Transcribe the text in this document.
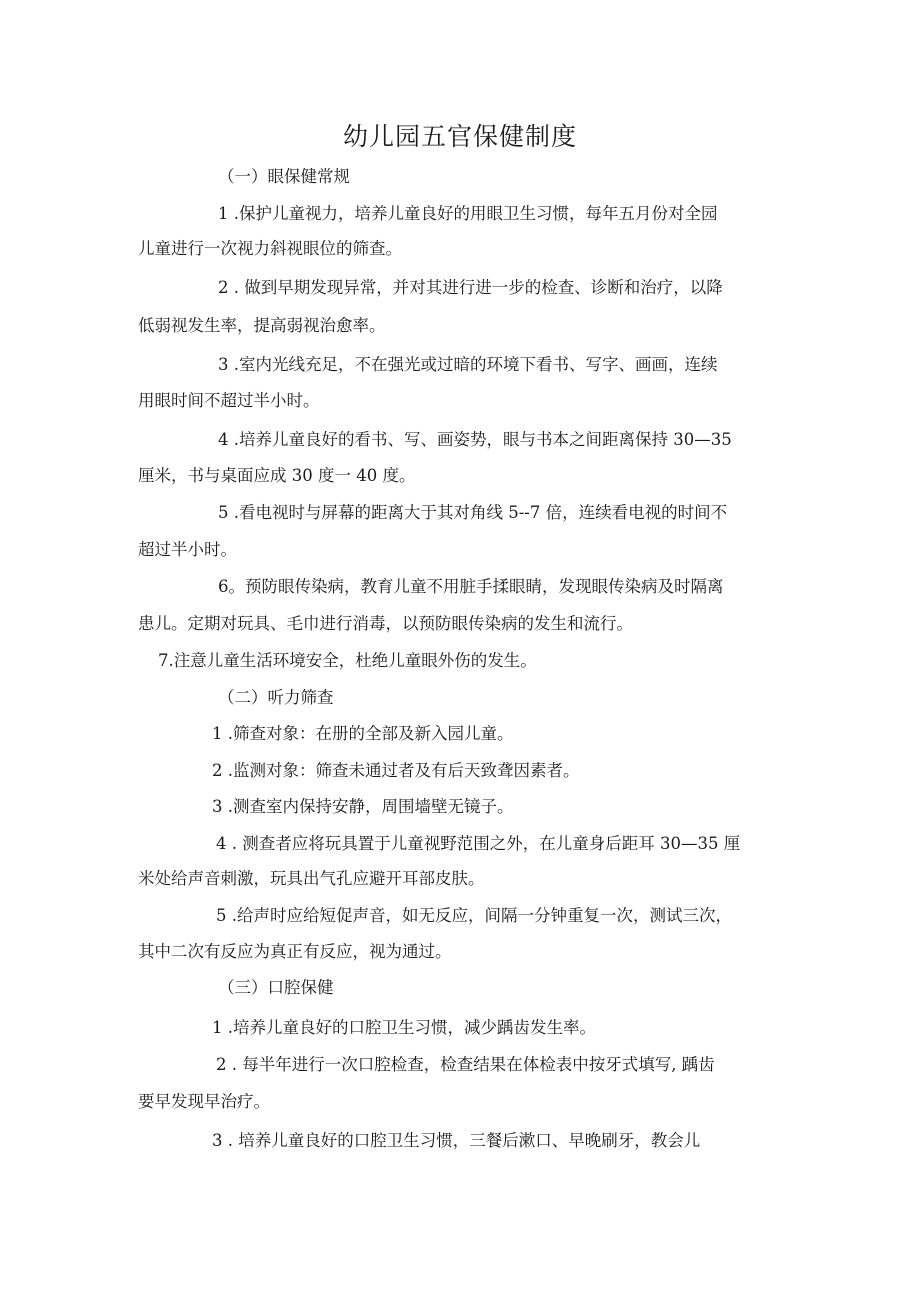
幼儿园五官保健制度
（一）眼保健常规
1 .保护儿童视力，培养儿童良好的用眼卫生习惯，每年五月份对全园
儿童进行一次视力斜视眼位的筛查。
2 . 做到早期发现异常，并对其进行进一步的检查、诊断和治疗，以降
低弱视发生率，提高弱视治愈率。
3 .室内光线充足，不在强光或过暗的环境下看书、写字、画画，连续
用眼时间不超过半小时。
4 .培养儿童良好的看书、写、画姿势，眼与书本之间距离保持 30—35
厘米，书与桌面应成 30 度一 40 度。
5 .看电视时与屏幕的距离大于其对角线 5--7 倍，连续看电视的时间不
超过半小时。
6。预防眼传染病，教育儿童不用脏手揉眼睛，发现眼传染病及时隔离
患儿。定期对玩具、毛巾进行消毒，以预防眼传染病的发生和流行。
7.注意儿童生活环境安全，杜绝儿童眼外伤的发生。
（二）听力筛查
1 .筛查对象：在册的全部及新入园儿童。
2 .监测对象：筛查未通过者及有后天致聋因素者。
3 .测查室内保持安静，周围墙壁无镜子。
4 . 测查者应将玩具置于儿童视野范围之外，在儿童身后距耳 30—35 厘
米处给声音刺激，玩具出气孔应避开耳部皮肤。
5 .给声时应给短促声音，如无反应，间隔一分钟重复一次，测试三次，
其中二次有反应为真正有反应，视为通过。
（三）口腔保健
1 .培养儿童良好的口腔卫生习惯，减少踽齿发生率。
2 . 每半年进行一次口腔检查，检查结果在体检表中按牙式填写, 踽齿
要早发现早治疗。
3 . 培养儿童良好的口腔卫生习惯，三餐后漱口、早晚刷牙，教会儿
